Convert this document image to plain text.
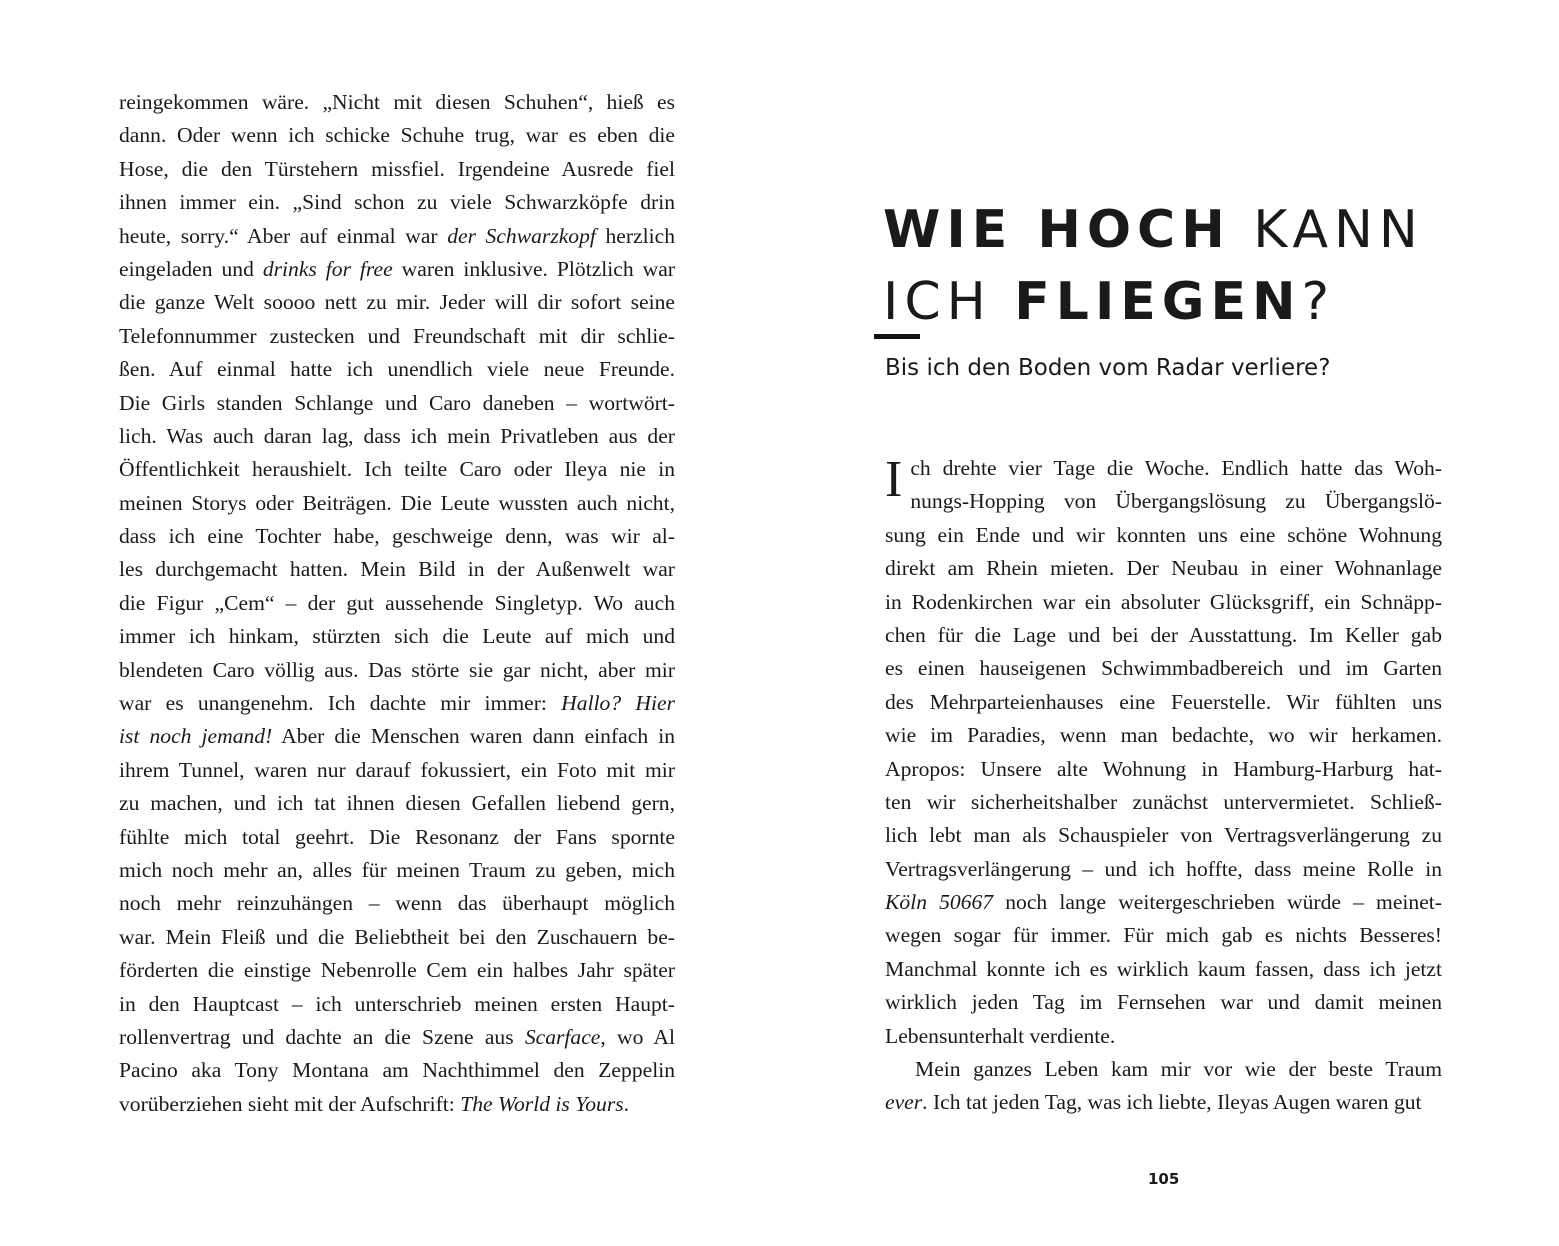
reingekommen wäre. „Nicht mit diesen Schuhen“, hieß es
dann. Oder wenn ich schicke Schuhe trug, war es eben die
Hose, die den Türstehern missfiel. Irgendeine Ausrede fiel
ihnen immer ein. „Sind schon zu viele Schwarzköpfe drin
heute, sorry.“ Aber auf einmal war der Schwarzkopf herzlich
eingeladen und drinks for free waren inklusive. Plötzlich war
die ganze Welt soooo nett zu mir. Jeder will dir sofort seine
Telefonnummer zustecken und Freundschaft mit dir schlie-
ßen. Auf einmal hatte ich unendlich viele neue Freunde.
Die Girls standen Schlange und Caro daneben – wortwört-
lich. Was auch daran lag, dass ich mein Privatleben aus der
Öffentlichkeit heraushielt. Ich teilte Caro oder Ileya nie in
meinen Storys oder Beiträgen. Die Leute wussten auch nicht,
dass ich eine Tochter habe, geschweige denn, was wir al-
les durchgemacht hatten. Mein Bild in der Außenwelt war
die Figur „Cem“ – der gut aussehende Singletyp. Wo auch
immer ich hinkam, stürzten sich die Leute auf mich und
blendeten Caro völlig aus. Das störte sie gar nicht, aber mir
war es unangenehm. Ich dachte mir immer: Hallo? Hier
ist noch jemand! Aber die Menschen waren dann einfach in
ihrem Tunnel, waren nur darauf fokussiert, ein Foto mit mir
zu machen, und ich tat ihnen diesen Gefallen liebend gern,
fühlte mich total geehrt. Die Resonanz der Fans spornte
mich noch mehr an, alles für meinen Traum zu geben, mich
noch mehr reinzuhängen – wenn das überhaupt möglich
war. Mein Fleiß und die Beliebtheit bei den Zuschauern be-
förderten die einstige Nebenrolle Cem ein halbes Jahr später
in den Hauptcast – ich unterschrieb meinen ersten Haupt-
rollenvertrag und dachte an die Szene aus Scarface, wo Al
Pacino aka Tony Montana am Nachthimmel den Zeppelin
vorüberziehen sieht mit der Aufschrift: The World is Yours.
WIE HOCH KANN
ICH FLIEGEN?
Bis ich den Boden vom Radar verliere?
I ch drehte vier Tage die Woche. Endlich hatte das Woh-
nungs-Hopping von Übergangslösung zu Übergangslö-
sung ein Ende und wir konnten uns eine schöne Wohnung
direkt am Rhein mieten. Der Neubau in einer Wohnanlage
in Rodenkirchen war ein absoluter Glücksgriff, ein Schnäpp-
chen für die Lage und bei der Ausstattung. Im Keller gab
es einen hauseigenen Schwimmbadbereich und im Garten
des Mehrparteienhauses eine Feuerstelle. Wir fühlten uns
wie im Paradies, wenn man bedachte, wo wir herkamen.
Apropos: Unsere alte Wohnung in Hamburg-Harburg hat-
ten wir sicherheitshalber zunächst untervermietet. Schließ-
lich lebt man als Schauspieler von Vertragsverlängerung zu
Vertragsverlängerung – und ich hoffte, dass meine Rolle in
Köln 50667 noch lange weitergeschrieben würde – meinet-
wegen sogar für immer. Für mich gab es nichts Besseres!
Manchmal konnte ich es wirklich kaum fassen, dass ich jetzt
wirklich jeden Tag im Fernsehen war und damit meinen
Lebensunterhalt verdiente.
Mein ganzes Leben kam mir vor wie der beste Traum
ever. Ich tat jeden Tag, was ich liebte, Ileyas Augen waren gut
105
